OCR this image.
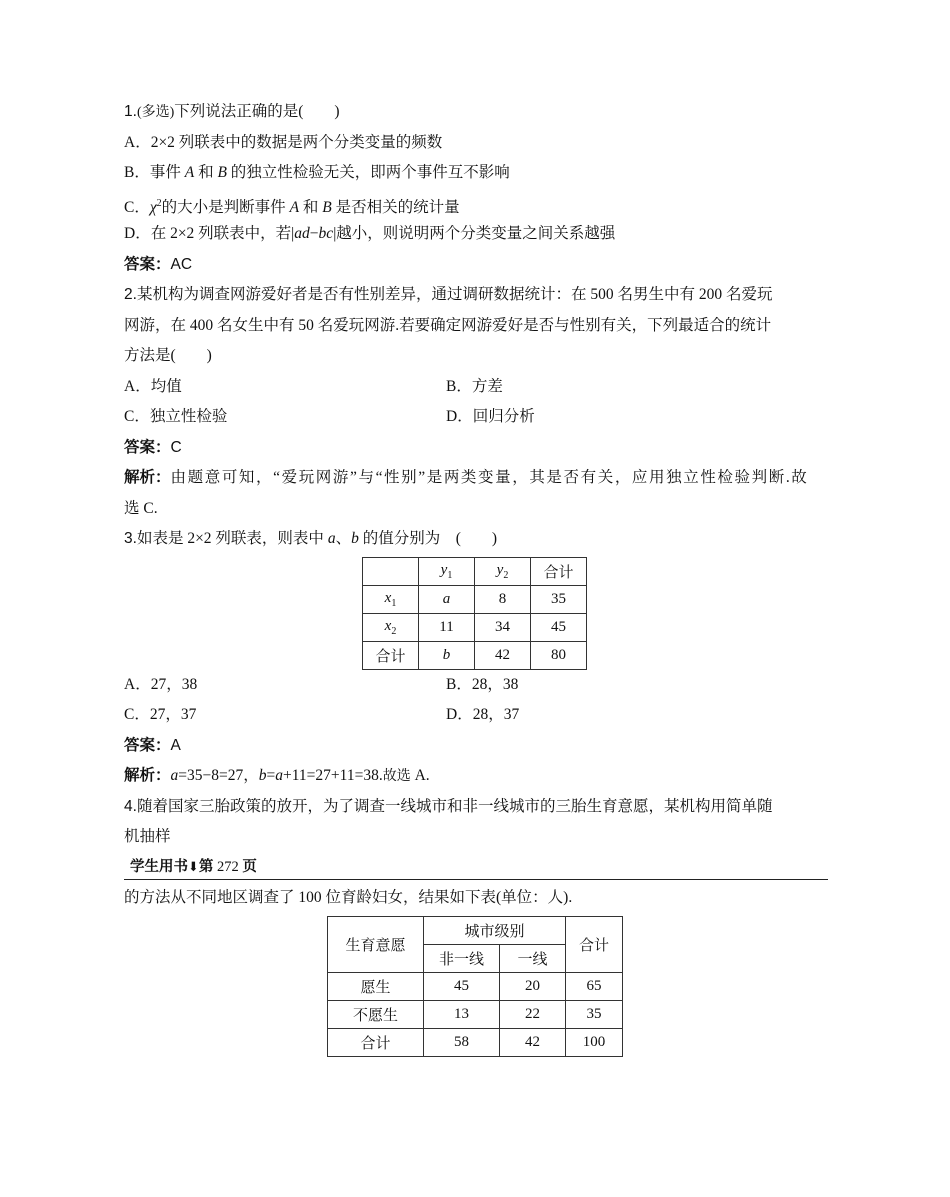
1.(多选)下列说法正确的是(　　)
A．2×2 列联表中的数据是两个分类变量的频数
B．事件 A 和 B 的独立性检验无关，即两个事件互不影响
C．$\chi^2$的大小是判断事件 A 和 B 是否相关的统计量
D．在 2×2 列联表中，若|ad−bc|越小，则说明两个分类变量之间关系越强
答案：AC
2.某机构为调查网游爱好者是否有性别差异，通过调研数据统计：在 500 名男生中有 200 名爱玩
网游，在 400 名女生中有 50 名爱玩网游.若要确定网游爱好是否与性别有关，下列最适合的统计
方法是(　　)
A．均值	B．方差
C．独立性检验	D．回归分析
答案：C
解析：由题意可知，“爱玩网游”与“性别”是两类变量，其是否有关，应用独立性检验判断.故
选 C.
3.如表是 2×2 列联表，则表中 a、b 的值分别为　(　　)
	$y_1$	$y_2$	合计
$x_1$	a	8	35
$x_2$	11	34	45
合计	b	42	80
A．27，38	B．28，38
C．27，37	D．28，37
答案：A
解析：a=35−8=27，b=a+11=27+11=38.故选 A.
4.随着国家三胎政策的放开，为了调查一线城市和非一线城市的三胎生育意愿，某机构用简单随
机抽样
学生用书⬇第 272 页
的方法从不同地区调查了 100 位育龄妇女，结果如下表(单位：人).
生育意愿	城市级别		合计
	非一线	一线	
愿生	45	20	65
不愿生	13	22	35
合计	58	42	100
